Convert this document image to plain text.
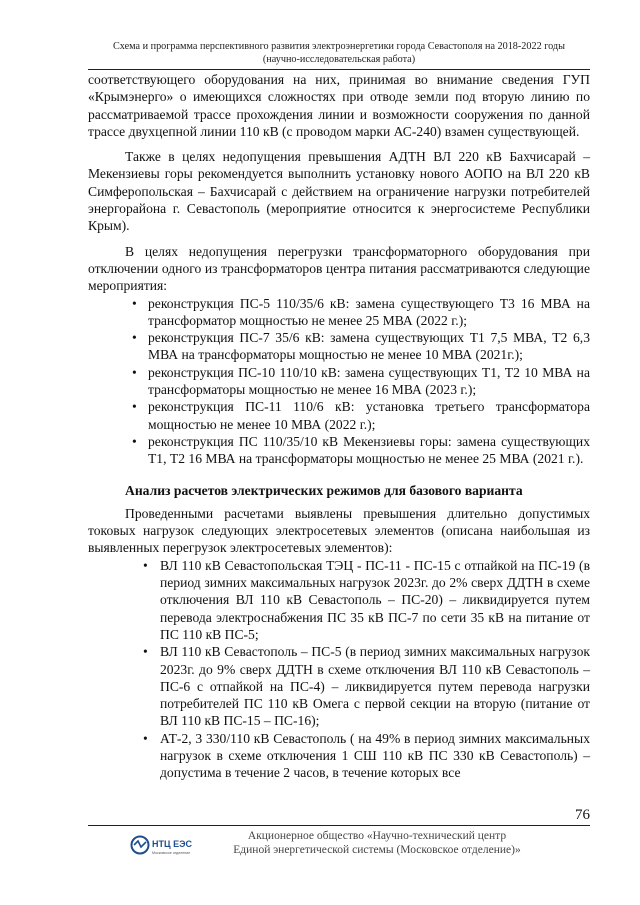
Схема и программа перспективного развития электроэнергетики города Севастополя на 2018-2022 годы
(научно-исследовательская работа)

соответствующего оборудования на них, принимая во внимание сведения ГУП «Крымэнерго» о имеющихся сложностях при отводе земли под вторую линию по рассматриваемой трассе прохождения линии и возможности сооружения по данной трассе двухцепной линии 110 кВ (с проводом марки АС-240) взамен существующей.

Также в целях недопущения превышения АДТН ВЛ 220 кВ Бахчисарай – Мекензиевы горы рекомендуется выполнить установку нового АОПО на ВЛ 220 кВ Симферопольская – Бахчисарай с действием на ограничение нагрузки потребителей энергорайона г. Севастополь (мероприятие относится к энергосистеме Республики Крым).

В целях недопущения перегрузки трансформаторного оборудования при отключении одного из трансформаторов центра питания рассматриваются следующие мероприятия:

• реконструкция ПС-5 110/35/6 кВ: замена существующего Т3 16 МВА на трансформатор мощностью не менее 25 МВА (2022 г.);
• реконструкция ПС-7 35/6 кВ: замена существующих Т1 7,5 МВА, Т2 6,3 МВА на трансформаторы мощностью не менее 10 МВА (2021г.);
• реконструкция ПС-10 110/10 кВ: замена существующих Т1, Т2 10 МВА на трансформаторы мощностью не менее 16 МВА (2023 г.);
• реконструкция ПС-11 110/6 кВ: установка третьего трансформатора мощностью не менее 10 МВА (2022 г.);
• реконструкция ПС 110/35/10 кВ Мекензиевы горы: замена существующих Т1, Т2 16 МВА на трансформаторы мощностью не менее 25 МВА (2021 г.).

Анализ расчетов электрических режимов для базового варианта

Проведенными расчетами выявлены превышения длительно допустимых токовых нагрузок следующих электросетевых элементов (описана наибольшая из выявленных перегрузок электросетевых элементов):

• ВЛ 110 кВ Севастопольская ТЭЦ - ПС-11 - ПС-15 с отпайкой на ПС-19 (в период зимних максимальных нагрузок 2023г. до 2% сверх ДДТН в схеме отключения ВЛ 110 кВ Севастополь – ПС-20) – ликвидируется путем перевода электроснабжения ПС 35 кВ ПС-7 по сети 35 кВ на питание от ПС 110 кВ ПС-5;
• ВЛ 110 кВ Севастополь – ПС-5 (в период зимних максимальных нагрузок 2023г. до 9% сверх ДДТН в схеме отключения ВЛ 110 кВ Севастополь – ПС-6 с отпайкой на ПС-4) – ликвидируется путем перевода нагрузки потребителей ПС 110 кВ Омега с первой секции на вторую (питание от ВЛ 110 кВ ПС-15 – ПС-16);
• АТ-2, 3 330/110 кВ Севастополь ( на 49% в период зимних максимальных нагрузок в схеме отключения 1 СШ 110 кВ ПС 330 кВ Севастополь) – допустима в течение 2 часов, в течение которых все
76
НТЦ ЕЭС
Московское отделение
Акционерное общество «Научно-технический центр
Единой энергетической системы (Московское отделение)»
